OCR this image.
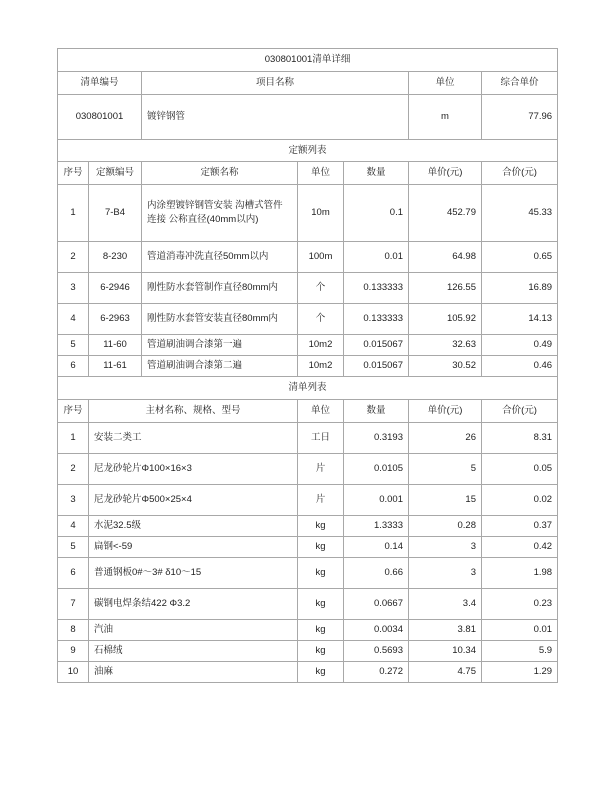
030801001清单详细						
清单编号		项目名称			单位	综合单价
030801001		镀锌钢管			m	77.96
定额列表						
序号	定额编号	定额名称	单位	数量	单价(元)	合价(元)
1	7-B4	内涂塑镀锌钢管安装 沟槽式管件连接 公称直径(40mm以内)	10m	0.1	452.79	45.33
2	8-230	管道消毒冲洗直径50mm以内	100m	0.01	64.98	0.65
3	6-2946	刚性防水套管制作直径80mm内	个	0.133333	126.55	16.89
4	6-2963	刚性防水套管安装直径80mm内	个	0.133333	105.92	14.13
5	11-60	管道刷油调合漆第一遍	10m2	0.015067	32.63	0.49
6	11-61	管道刷油调合漆第二遍	10m2	0.015067	30.52	0.46
清单列表						
序号	主材名称、规格、型号		单位	数量	单价(元)	合价(元)
1	安装二类工		工日	0.3193	26	8.31
2	尼龙砂轮片Φ100×16×3		片	0.0105	5	0.05
3	尼龙砂轮片Φ500×25×4		片	0.001	15	0.02
4	水泥32.5级		kg	1.3333	0.28	0.37
5	扁钢<-59		kg	0.14	3	0.42
6	普通钢板0#～3# δ10～15		kg	0.66	3	1.98
7	碳钢电焊条结422 Φ3.2		kg	0.0667	3.4	0.23
8	汽油		kg	0.0034	3.81	0.01
9	石棉绒		kg	0.5693	10.34	5.9
10	油麻		kg	0.272	4.75	1.29
